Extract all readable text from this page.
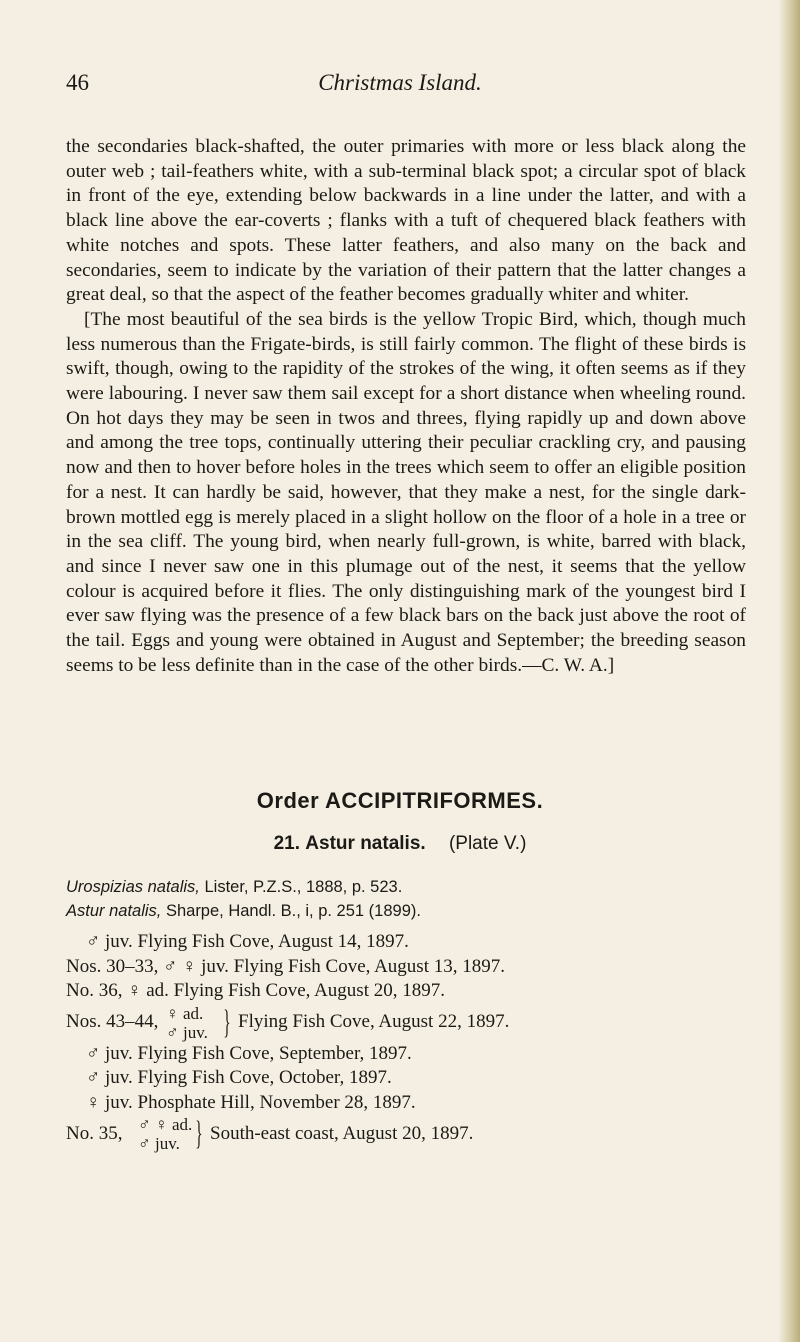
46	Christmas Island.

the secondaries black-shafted, the outer primaries with more or less black along the outer web ; tail-feathers white, with a sub-terminal black spot; a circular spot of black in front of the eye, extending below backwards in a line under the latter, and with a black line above the ear-coverts ; flanks with a tuft of chequered black feathers with white notches and spots. These latter feathers, and also many on the back and secondaries, seem to indicate by the variation of their pattern that the latter changes a great deal, so that the aspect of the feather becomes gradually whiter and whiter.

[The most beautiful of the sea birds is the yellow Tropic Bird, which, though much less numerous than the Frigate-birds, is still fairly common. The flight of these birds is swift, though, owing to the rapidity of the strokes of the wing, it often seems as if they were labouring. I never saw them sail except for a short distance when wheeling round. On hot days they may be seen in twos and threes, flying rapidly up and down above and among the tree tops, continually uttering their peculiar crackling cry, and pausing now and then to hover before holes in the trees which seem to offer an eligible position for a nest. It can hardly be said, however, that they make a nest, for the single dark-brown mottled egg is merely placed in a slight hollow on the floor of a hole in a tree or in the sea cliff. The young bird, when nearly full-grown, is white, barred with black, and since I never saw one in this plumage out of the nest, it seems that the yellow colour is acquired before it flies. The only distinguishing mark of the youngest bird I ever saw flying was the presence of a few black bars on the back just above the root of the tail. Eggs and young were obtained in August and September; the breeding season seems to be less definite than in the case of the other birds.—C. W. A.]

Order ACCIPITRIFORMES.
21. Astur natalis. (Plate V.)
Urospizias natalis, Lister, P.Z.S., 1888, p. 523.
Astur natalis, Sharpe, Handl. B., i, p. 251 (1899).
♂ juv. Flying Fish Cove, August 14, 1897.
Nos. 30–33, ♂ ♀ juv. Flying Fish Cove, August 13, 1897.
No. 36, ♀ ad. Flying Fish Cove, August 20, 1897.
Nos. 43–44, ♀ ad.
♂ juv. } Flying Fish Cove, August 22, 1897.
♂ juv. Flying Fish Cove, September, 1897.
♂ juv. Flying Fish Cove, October, 1897.
♀ juv. Phosphate Hill, November 28, 1897.
No. 35, ♂ ♀ ad.
♂ juv. } South-east coast, August 20, 1897.
